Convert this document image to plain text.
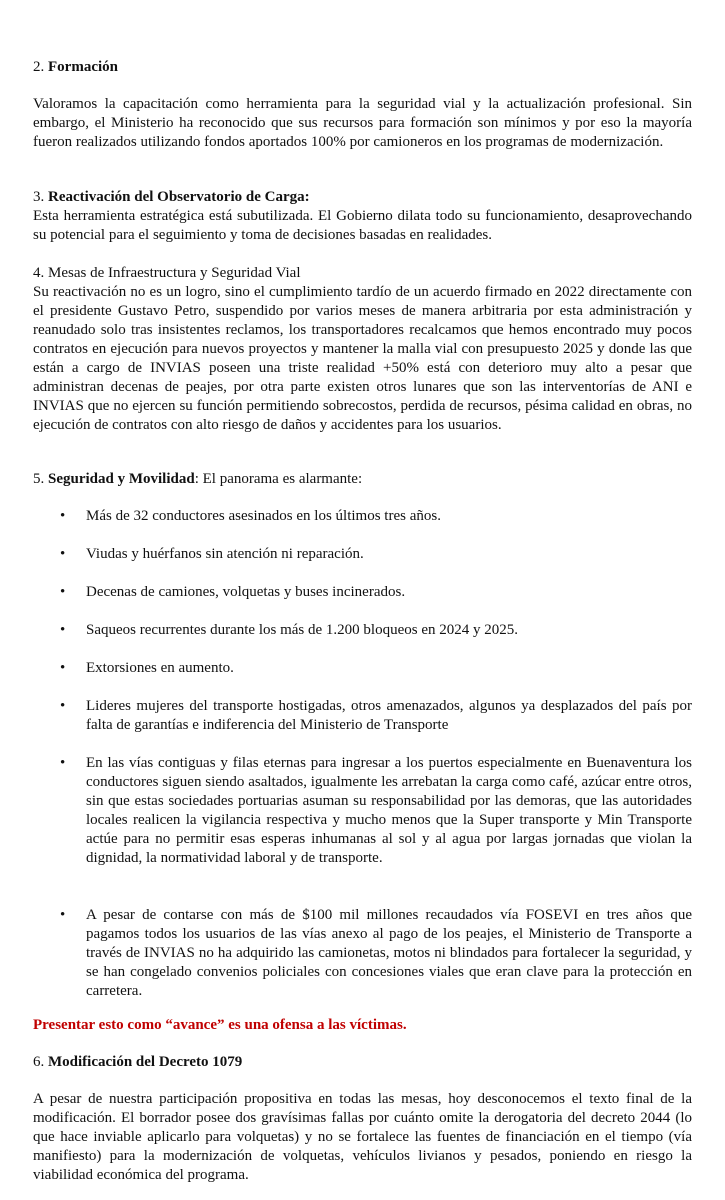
2. Formación

Valoramos la capacitación como herramienta para la seguridad vial y la actualización profesional. Sin embargo, el Ministerio ha reconocido que sus recursos para formación son mínimos y por eso la mayoría fueron realizados utilizando fondos aportados 100% por camioneros en los programas de modernización.

3. Reactivación del Observatorio de Carga:

Esta herramienta estratégica está subutilizada. El Gobierno dilata todo su funcionamiento, desaprovechando su potencial para el seguimiento y toma de decisiones basadas en realidades.

4. Mesas de Infraestructura y Seguridad Vial

Su reactivación no es un logro, sino el cumplimiento tardío de un acuerdo firmado en 2022 directamente con el presidente Gustavo Petro, suspendido por varios meses de manera arbitraria por esta administración y reanudado solo tras insistentes reclamos, los transportadores recalcamos que hemos encontrado muy pocos contratos en ejecución para nuevos proyectos y mantener la malla vial con presupuesto 2025 y donde las que están a cargo de INVIAS poseen una triste realidad +50% está con deterioro muy alto a pesar que administran decenas de peajes, por otra parte existen otros lunares que son las interventorías de ANI e INVIAS que no ejercen su función permitiendo sobrecostos, perdida de recursos, pésima calidad en obras, no ejecución de contratos con alto riesgo de daños y accidentes para los usuarios.

5. Seguridad y Movilidad: El panorama es alarmante:

• Más de 32 conductores asesinados en los últimos tres años.

• Viudas y huérfanos sin atención ni reparación.

• Decenas de camiones, volquetas y buses incinerados.

• Saqueos recurrentes durante los más de 1.200 bloqueos en 2024 y 2025.

• Extorsiones en aumento.

• Lideres mujeres del transporte hostigadas, otros amenazados, algunos ya desplazados del país por falta de garantías e indiferencia del Ministerio de Transporte

• En las vías contiguas y filas eternas para ingresar a los puertos especialmente en Buenaventura los conductores siguen siendo asaltados, igualmente les arrebatan la carga como café, azúcar entre otros, sin que estas sociedades portuarias asuman su responsabilidad por las demoras, que las autoridades locales realicen la vigilancia respectiva y mucho menos que la Super transporte y Min Transporte actúe para no permitir esas esperas inhumanas al sol y al agua por largas jornadas que violan la dignidad, la normatividad laboral y de transporte.

• A pesar de contarse con más de $100 mil millones recaudados vía FOSEVI en tres años que pagamos todos los usuarios de las vías anexo al pago de los peajes, el Ministerio de Transporte a través de INVIAS no ha adquirido las camionetas, motos ni blindados para fortalecer la seguridad, y se han congelado convenios policiales con concesiones viales que eran clave para la protección en carretera.

Presentar esto como “avance” es una ofensa a las víctimas.

6. Modificación del Decreto 1079

A pesar de nuestra participación propositiva en todas las mesas, hoy desconocemos el texto final de la modificación. El borrador posee dos gravísimas fallas por cuánto omite la derogatoria del decreto 2044 (lo que hace inviable aplicarlo para volquetas) y no se fortalece las fuentes de financiación en el tiempo (vía manifiesto) para la modernización de volquetas, vehículos livianos y pesados, poniendo en riesgo la viabilidad económica del programa.
